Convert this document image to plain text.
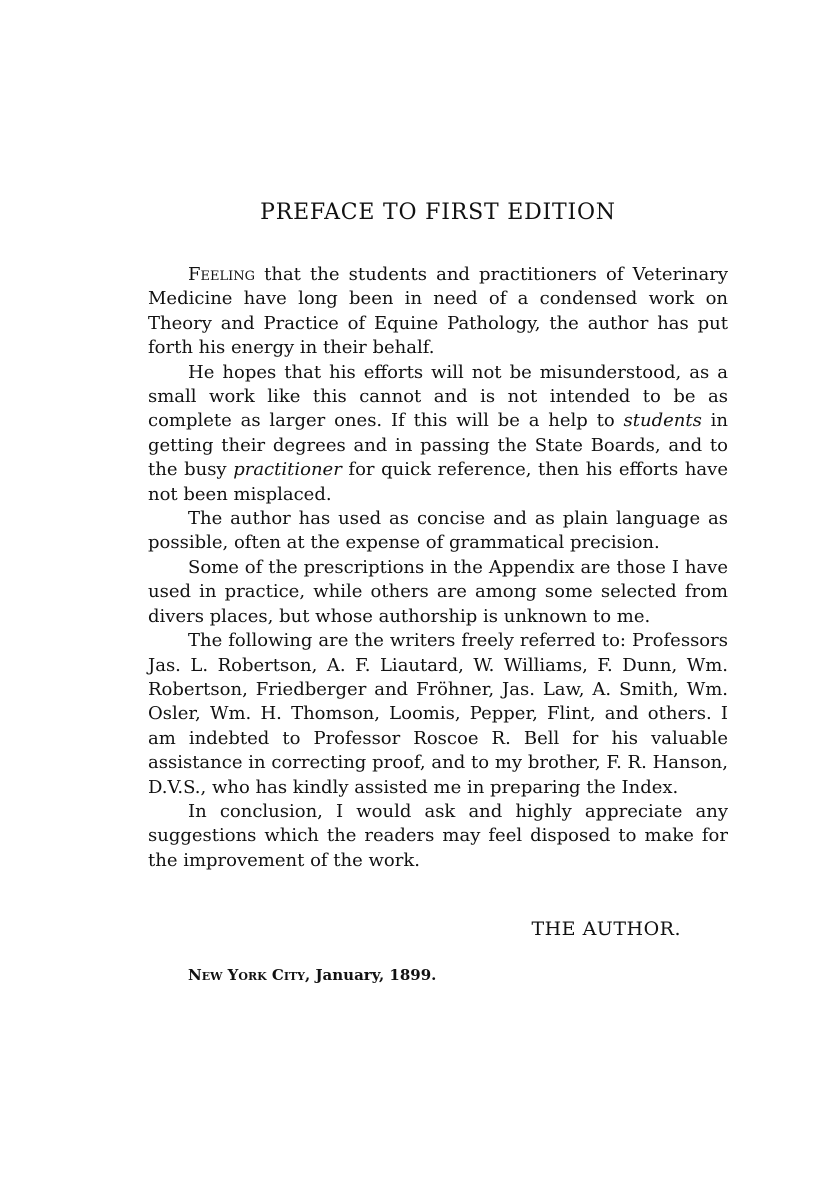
PREFACE TO FIRST EDITION

Feeling that the students and practitioners of Veterinary Medicine have long been in need of a condensed work on Theory and Practice of Equine Pathology, the author has put forth his energy in their behalf.

He hopes that his efforts will not be misunderstood, as a small work like this cannot and is not intended to be as complete as larger ones. If this will be a help to students in getting their degrees and in passing the State Boards, and to the busy practitioner for quick reference, then his efforts have not been misplaced.

The author has used as concise and as plain language as possible, often at the expense of grammatical precision.

Some of the prescriptions in the Appendix are those I have used in practice, while others are among some selected from divers places, but whose authorship is unknown to me.

The following are the writers freely referred to: Professors Jas. L. Robertson, A. F. Liautard, W. Williams, F. Dunn, Wm. Robertson, Friedberger and Fröhner, Jas. Law, A. Smith, Wm. Osler, Wm. H. Thomson, Loomis, Pepper, Flint, and others. I am indebted to Professor Roscoe R. Bell for his valuable assistance in correcting proof, and to my brother, F. R. Hanson, D.V.S., who has kindly assisted me in preparing the Index.

In conclusion, I would ask and highly appreciate any suggestions which the readers may feel disposed to make for the improvement of the work.

THE AUTHOR.
New York City, January, 1899.
